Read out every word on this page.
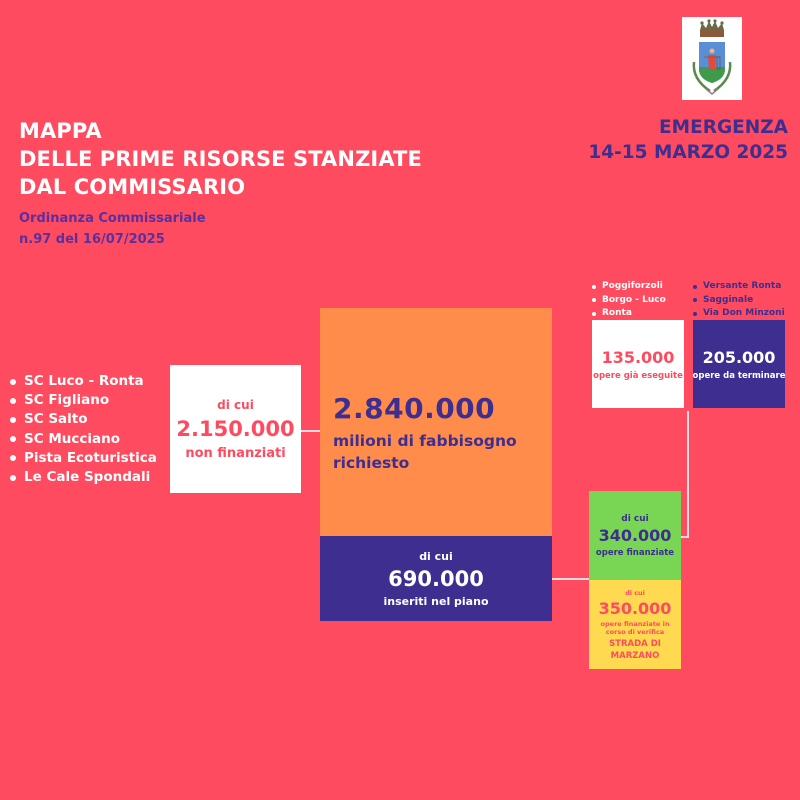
MAPPA
DELLE PRIME RISORSE STANZIATE
DAL COMMISSARIO
Ordinanza Commissariale
n.97 del 16/07/2025
EMERGENZA
14-15 MARZO 2025
SC Luco - Ronta
SC Figliano
SC Salto
SC Mucciano
Pista Ecoturistica
Le Cale Spondali
di cui
2.150.000
non finanziati
2.840.000
milioni di fabbisogno
richiesto
di cui
690.000
inseriti nel piano
di cui
340.000
opere finanziate
di cui
350.000
opere finanziate in corso di verifica
STRADA DI
MARZANO
Poggiforzoli
Borgo - Luco
Ronta
135.000
opere già eseguite
Versante Ronta
Sagginale
Via Don Minzoni
205.000
opere da terminare
